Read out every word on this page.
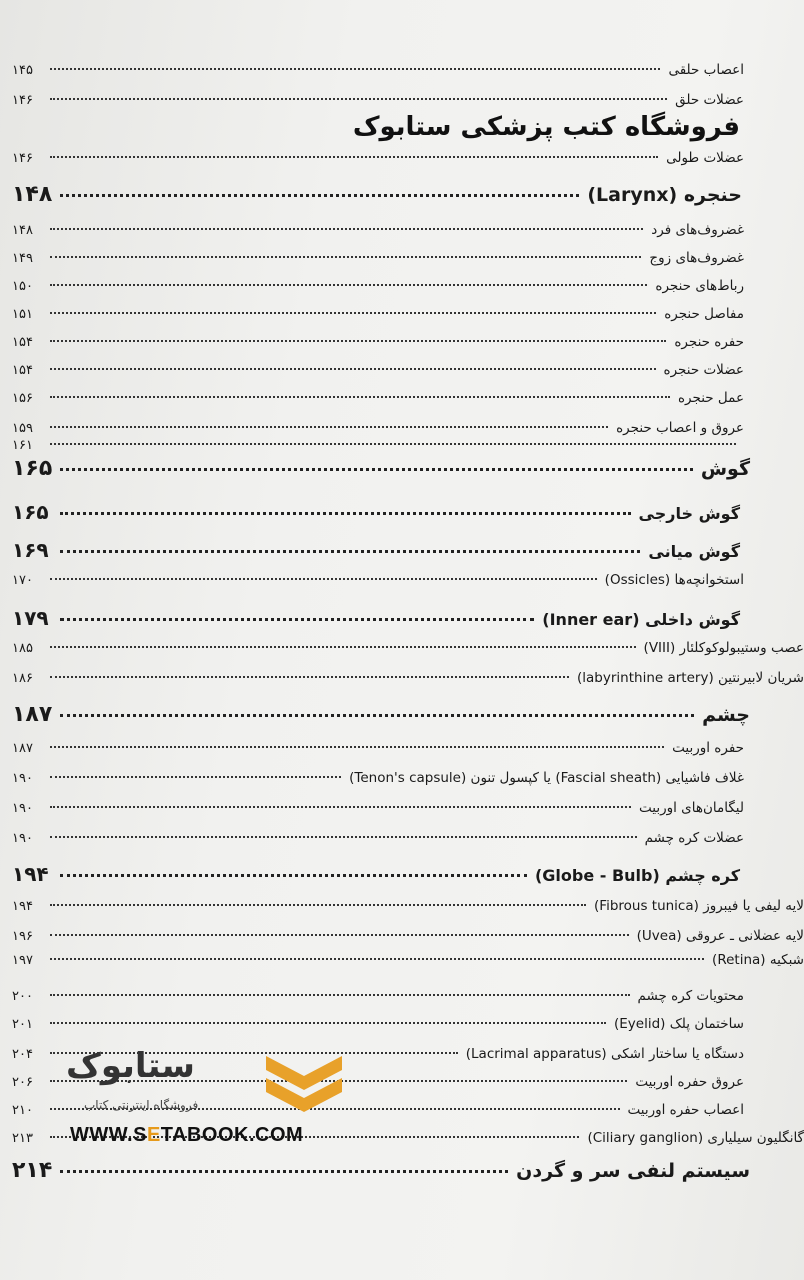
اعصاب حلقی
۱۴۵
عضلات حلق
۱۴۶
عضلات طولی
۱۴۶
حنجره (Larynx)
۱۴۸
غضروف‌های فرد
۱۴۸
غضروف‌های زوج
۱۴۹
رباط‌های حنجره
۱۵۰
مفاصل حنجره
۱۵۱
حفره حنجره
۱۵۴
عضلات حنجره
۱۵۴
عمل حنجره
۱۵۶
عروق و اعصاب حنجره
۱۵۹
۱۶۱
گوش
۱۶۵
گوش خارجی
۱۶۵
گوش میانی
۱۶۹
استخوانچه‌ها (Ossicles)
۱۷۰
گوش داخلی (Inner ear)
۱۷۹
عصب وستیبولوکوکلئار (VIII)
۱۸۵
شریان لابیرنتین (labyrinthine artery)
۱۸۶
چشم
۱۸۷
حفره اوربیت
۱۸۷
غلاف فاشیایی (Fascial sheath) یا کپسول تنون (Tenon's capsule)
۱۹۰
لیگامان‌های اوربیت
۱۹۰
عضلات کره چشم
۱۹۰
کره چشم (Globe - Bulb)
۱۹۴
لایه لیفی یا فیبروز (Fibrous tunica)
۱۹۴
لایه عضلانی ـ عروقی (Uvea)
۱۹۶
شبکیه (Retina)
۱۹۷
محتویات کره چشم
۲۰۰
ساختمان پلک (Eyelid)
۲۰۱
دستگاه یا ساختار اشکی (Lacrimal apparatus)
۲۰۴
عروق حفره اوربیت
۲۰۶
اعصاب حفره اوربیت
۲۱۰
گانگلیون سیلیاری (Ciliary ganglion)
۲۱۳
سیستم لنفی سر و گردن
۲۱۴
فروشگاه کتب پزشکی ستابوک
ستابوک
فروشگاه اینترنتی کتاب
WWW.SETABOOK.COM
